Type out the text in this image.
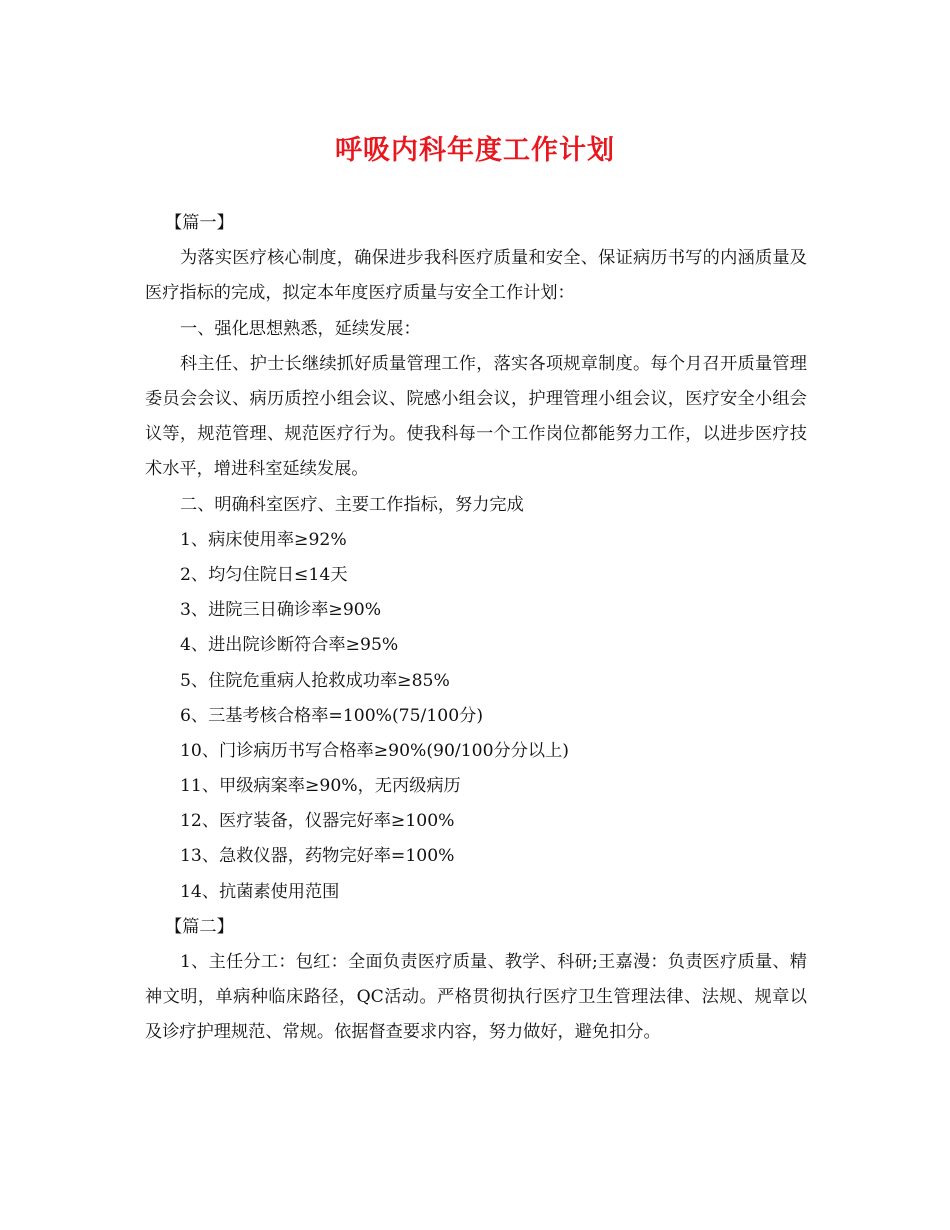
呼吸内科年度工作计划
【篇一】
为落实医疗核心制度，确保进步我科医疗质量和安全、保证病历书写的内涵质量及医疗指标的完成，拟定本年度医疗质量与安全工作计划：
一、强化思想熟悉，延续发展：
科主任、护士长继续抓好质量管理工作，落实各项规章制度。每个月召开质量管理委员会会议、病历质控小组会议、院感小组会议，护理管理小组会议，医疗安全小组会议等，规范管理、规范医疗行为。使我科每一个工作岗位都能努力工作，以进步医疗技术水平，增进科室延续发展。
二、明确科室医疗、主要工作指标，努力完成
1、病床使用率≥92%
2、均匀住院日≤14天
3、进院三日确诊率≥90%
4、进出院诊断符合率≥95%
5、住院危重病人抢救成功率≥85%
6、三基考核合格率=100%(75/100分)
10、门诊病历书写合格率≥90%(90/100分分以上)
11、甲级病案率≥90%，无丙级病历
12、医疗装备，仪器完好率≥100%
13、急救仪器，药物完好率=100%
14、抗菌素使用范围
【篇二】
1、主任分工：包红：全面负责医疗质量、教学、科研;王嘉漫：负责医疗质量、精神文明，单病种临床路径，QC活动。严格贯彻执行医疗卫生管理法律、法规、规章以及诊疗护理规范、常规。依据督查要求内容，努力做好，避免扣分。
